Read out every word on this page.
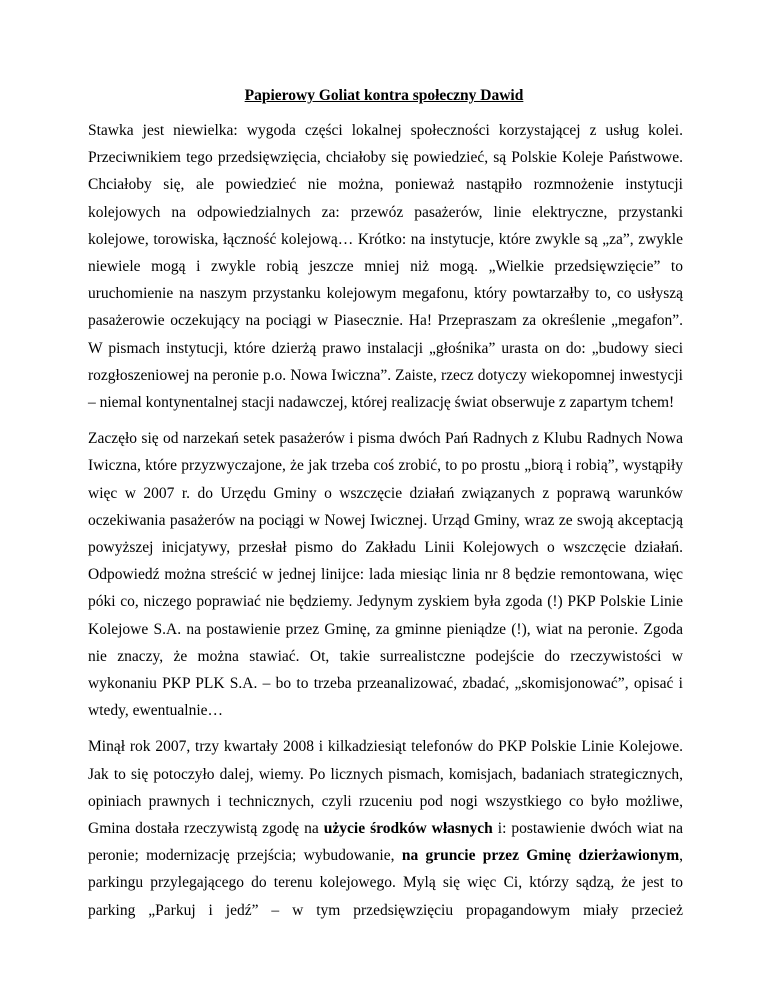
Papierowy Goliat kontra społeczny Dawid

Stawka jest niewielka: wygoda części lokalnej społeczności korzystającej z usług kolei. Przeciwnikiem tego przedsięwzięcia, chciałoby się powiedzieć, są Polskie Koleje Państwowe. Chciałoby się, ale powiedzieć nie można, ponieważ nastąpiło rozmnożenie instytucji kolejowych na odpowiedzialnych za: przewóz pasażerów, linie elektryczne, przystanki kolejowe, torowiska, łączność kolejową… Krótko: na instytucje, które zwykle są „za”, zwykle niewiele mogą i zwykle robią jeszcze mniej niż mogą. „Wielkie przedsięwzięcie” to uruchomienie na naszym przystanku kolejowym megafonu, który powtarzałby to, co usłyszą pasażerowie oczekujący na pociągi w Piasecznie. Ha! Przepraszam za określenie „megafon”. W pismach instytucji, które dzierżą prawo instalacji „głośnika” urasta on do: „budowy sieci rozgłoszeniowej na peronie p.o. Nowa Iwiczna”. Zaiste, rzecz dotyczy wiekopomnej inwestycji – niemal kontynentalnej stacji nadawczej, której realizację świat obserwuje z zapartym tchem!

Zaczęło się od narzekań setek pasażerów i pisma dwóch Pań Radnych z Klubu Radnych Nowa Iwiczna, które przyzwyczajone, że jak trzeba coś zrobić, to po prostu „biorą i robią”, wystąpiły więc w 2007 r. do Urzędu Gminy o wszczęcie działań związanych z poprawą warunków oczekiwania pasażerów na pociągi w Nowej Iwicznej. Urząd Gminy, wraz ze swoją akceptacją powyższej inicjatywy, przesłał pismo do Zakładu Linii Kolejowych o wszczęcie działań. Odpowiedź można streścić w jednej linijce: lada miesiąc linia nr 8 będzie remontowana, więc póki co, niczego poprawiać nie będziemy. Jedynym zyskiem była zgoda (!) PKP Polskie Linie Kolejowe S.A. na postawienie przez Gminę, za gminne pieniądze (!), wiat na peronie. Zgoda nie znaczy, że można stawiać. Ot, takie surrealistczne podejście do rzeczywistości w wykonaniu PKP PLK S.A. – bo to trzeba przeanalizować, zbadać, „skomisjonować”, opisać i wtedy, ewentualnie…

Minął rok 2007, trzy kwartały 2008 i kilkadziesiąt telefonów do PKP Polskie Linie Kolejowe. Jak to się potoczyło dalej, wiemy. Po licznych pismach, komisjach, badaniach strategicznych, opiniach prawnych i technicznych, czyli rzuceniu pod nogi wszystkiego co było możliwe, Gmina dostała rzeczywistą zgodę na użycie środków własnych i: postawienie dwóch wiat na peronie; modernizację przejścia; wybudowanie, na gruncie przez Gminę dzierżawionym, parkingu przylegającego do terenu kolejowego. Mylą się więc Ci, którzy sądzą, że jest to parking „Parkuj i jedź” – w tym przedsięwzięciu propagandowym miały przecież
